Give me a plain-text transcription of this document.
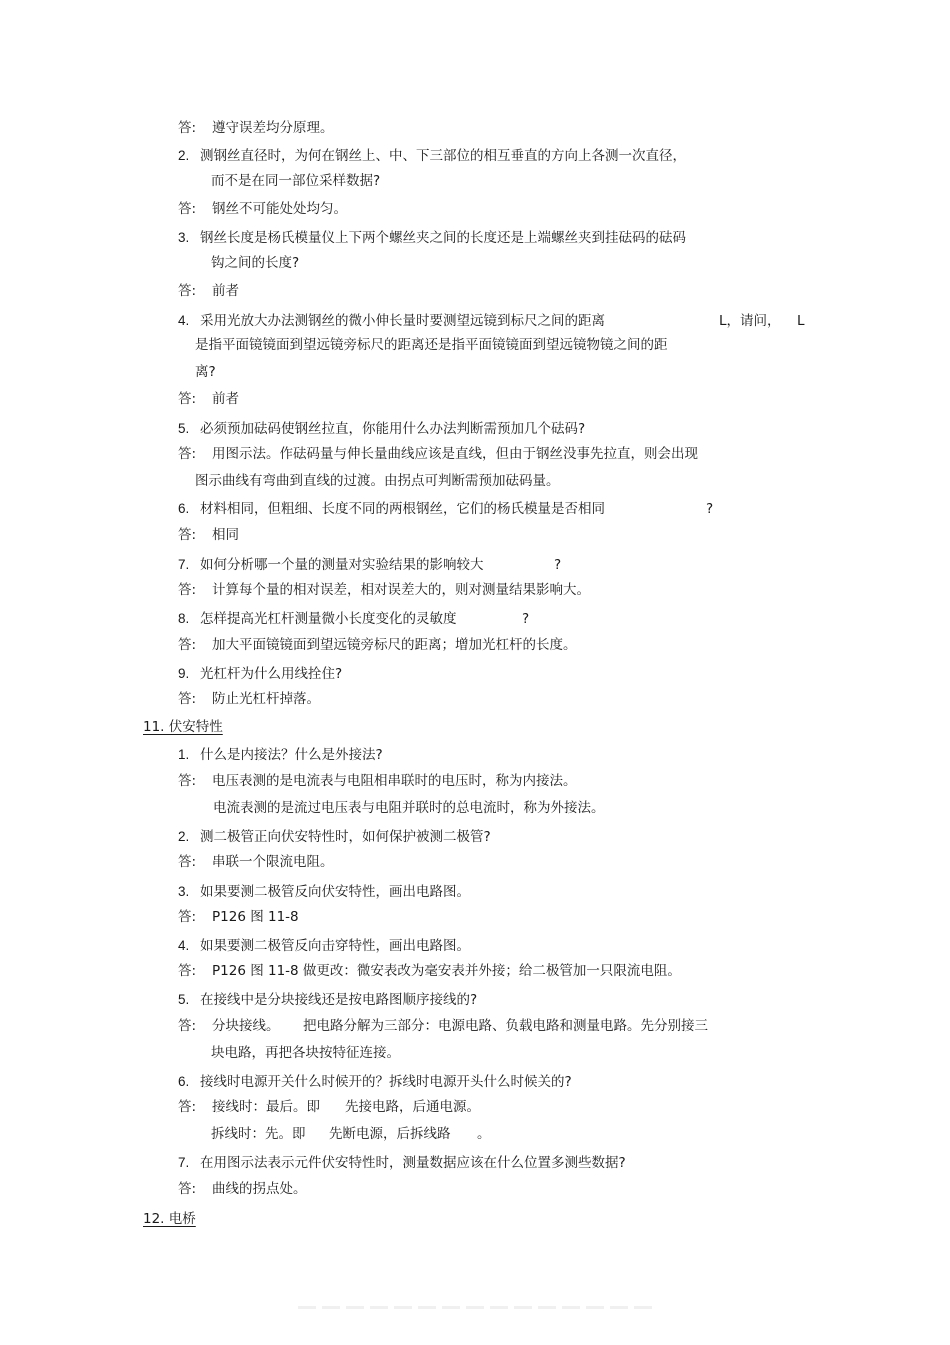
答: 遵守误差均分原理。
2. 测钢丝直径时，为何在钢丝上、中、下三部位的相互垂直的方向上各测一次直径，
而不是在同一部位采样数据?
答: 钢丝不可能处处均匀。
3. 钢丝长度是杨氏模量仪上下两个螺丝夹之间的长度还是上端螺丝夹到挂砝码的砝码
钩之间的长度?
答: 前者
4. 采用光放大办法测钢丝的微小伸长量时要测望远镜到标尺之间的距离	L，请问， L
是指平面镜镜面到望远镜旁标尺的距离还是指平面镜镜面到望远镜物镜之间的距
离?
答: 前者
5. 必须预加砝码使钢丝拉直，你能用什么办法判断需预加几个砝码?
答: 用图示法。作砝码量与伸长量曲线应该是直线，但由于钢丝没事先拉直，则会出现
图示曲线有弯曲到直线的过渡。由拐点可判断需预加砝码量。
6. 材料相同，但粗细、长度不同的两根钢丝，它们的杨氏模量是否相同	?
答: 相同
7. 如何分析哪一个量的测量对实验结果的影响较大	?
答: 计算每个量的相对误差，相对误差大的，则对测量结果影响大。
8. 怎样提高光杠杆测量微小长度变化的灵敏度	?
答: 加大平面镜镜面到望远镜旁标尺的距离；增加光杠杆的长度。
9. 光杠杆为什么用线拴住?
答: 防止光杠杆掉落。
11. 伏安特性
1. 什么是内接法？什么是外接法?
答: 电压表测的是电流表与电阻相串联时的电压时，称为内接法。
电流表测的是流过电压表与电阻并联时的总电流时，称为外接法。
2. 测二极管正向伏安特性时，如何保护被测二极管?
答: 串联一个限流电阻。
3. 如果要测二极管反向伏安特性，画出电路图。
答: P126 图 11-8
4. 如果要测二极管反向击穿特性，画出电路图。
答: P126 图 11-8 做更改：微安表改为毫安表并外接；给二极管加一只限流电阻。
5. 在接线中是分块接线还是按电路图顺序接线的?
答: 分块接线。 把电路分解为三部分：电源电路、负载电路和测量电路。先分别接三
块电路，再把各块按特征连接。
6. 接线时电源开关什么时候开的？拆线时电源开头什么时候关的?
答: 接线时：最后。即 先接电路，后通电源。
拆线时：先。即 先断电源，后拆线路 。
7. 在用图示法表示元件伏安特性时，测量数据应该在什么位置多测些数据?
答: 曲线的拐点处。
12. 电桥
